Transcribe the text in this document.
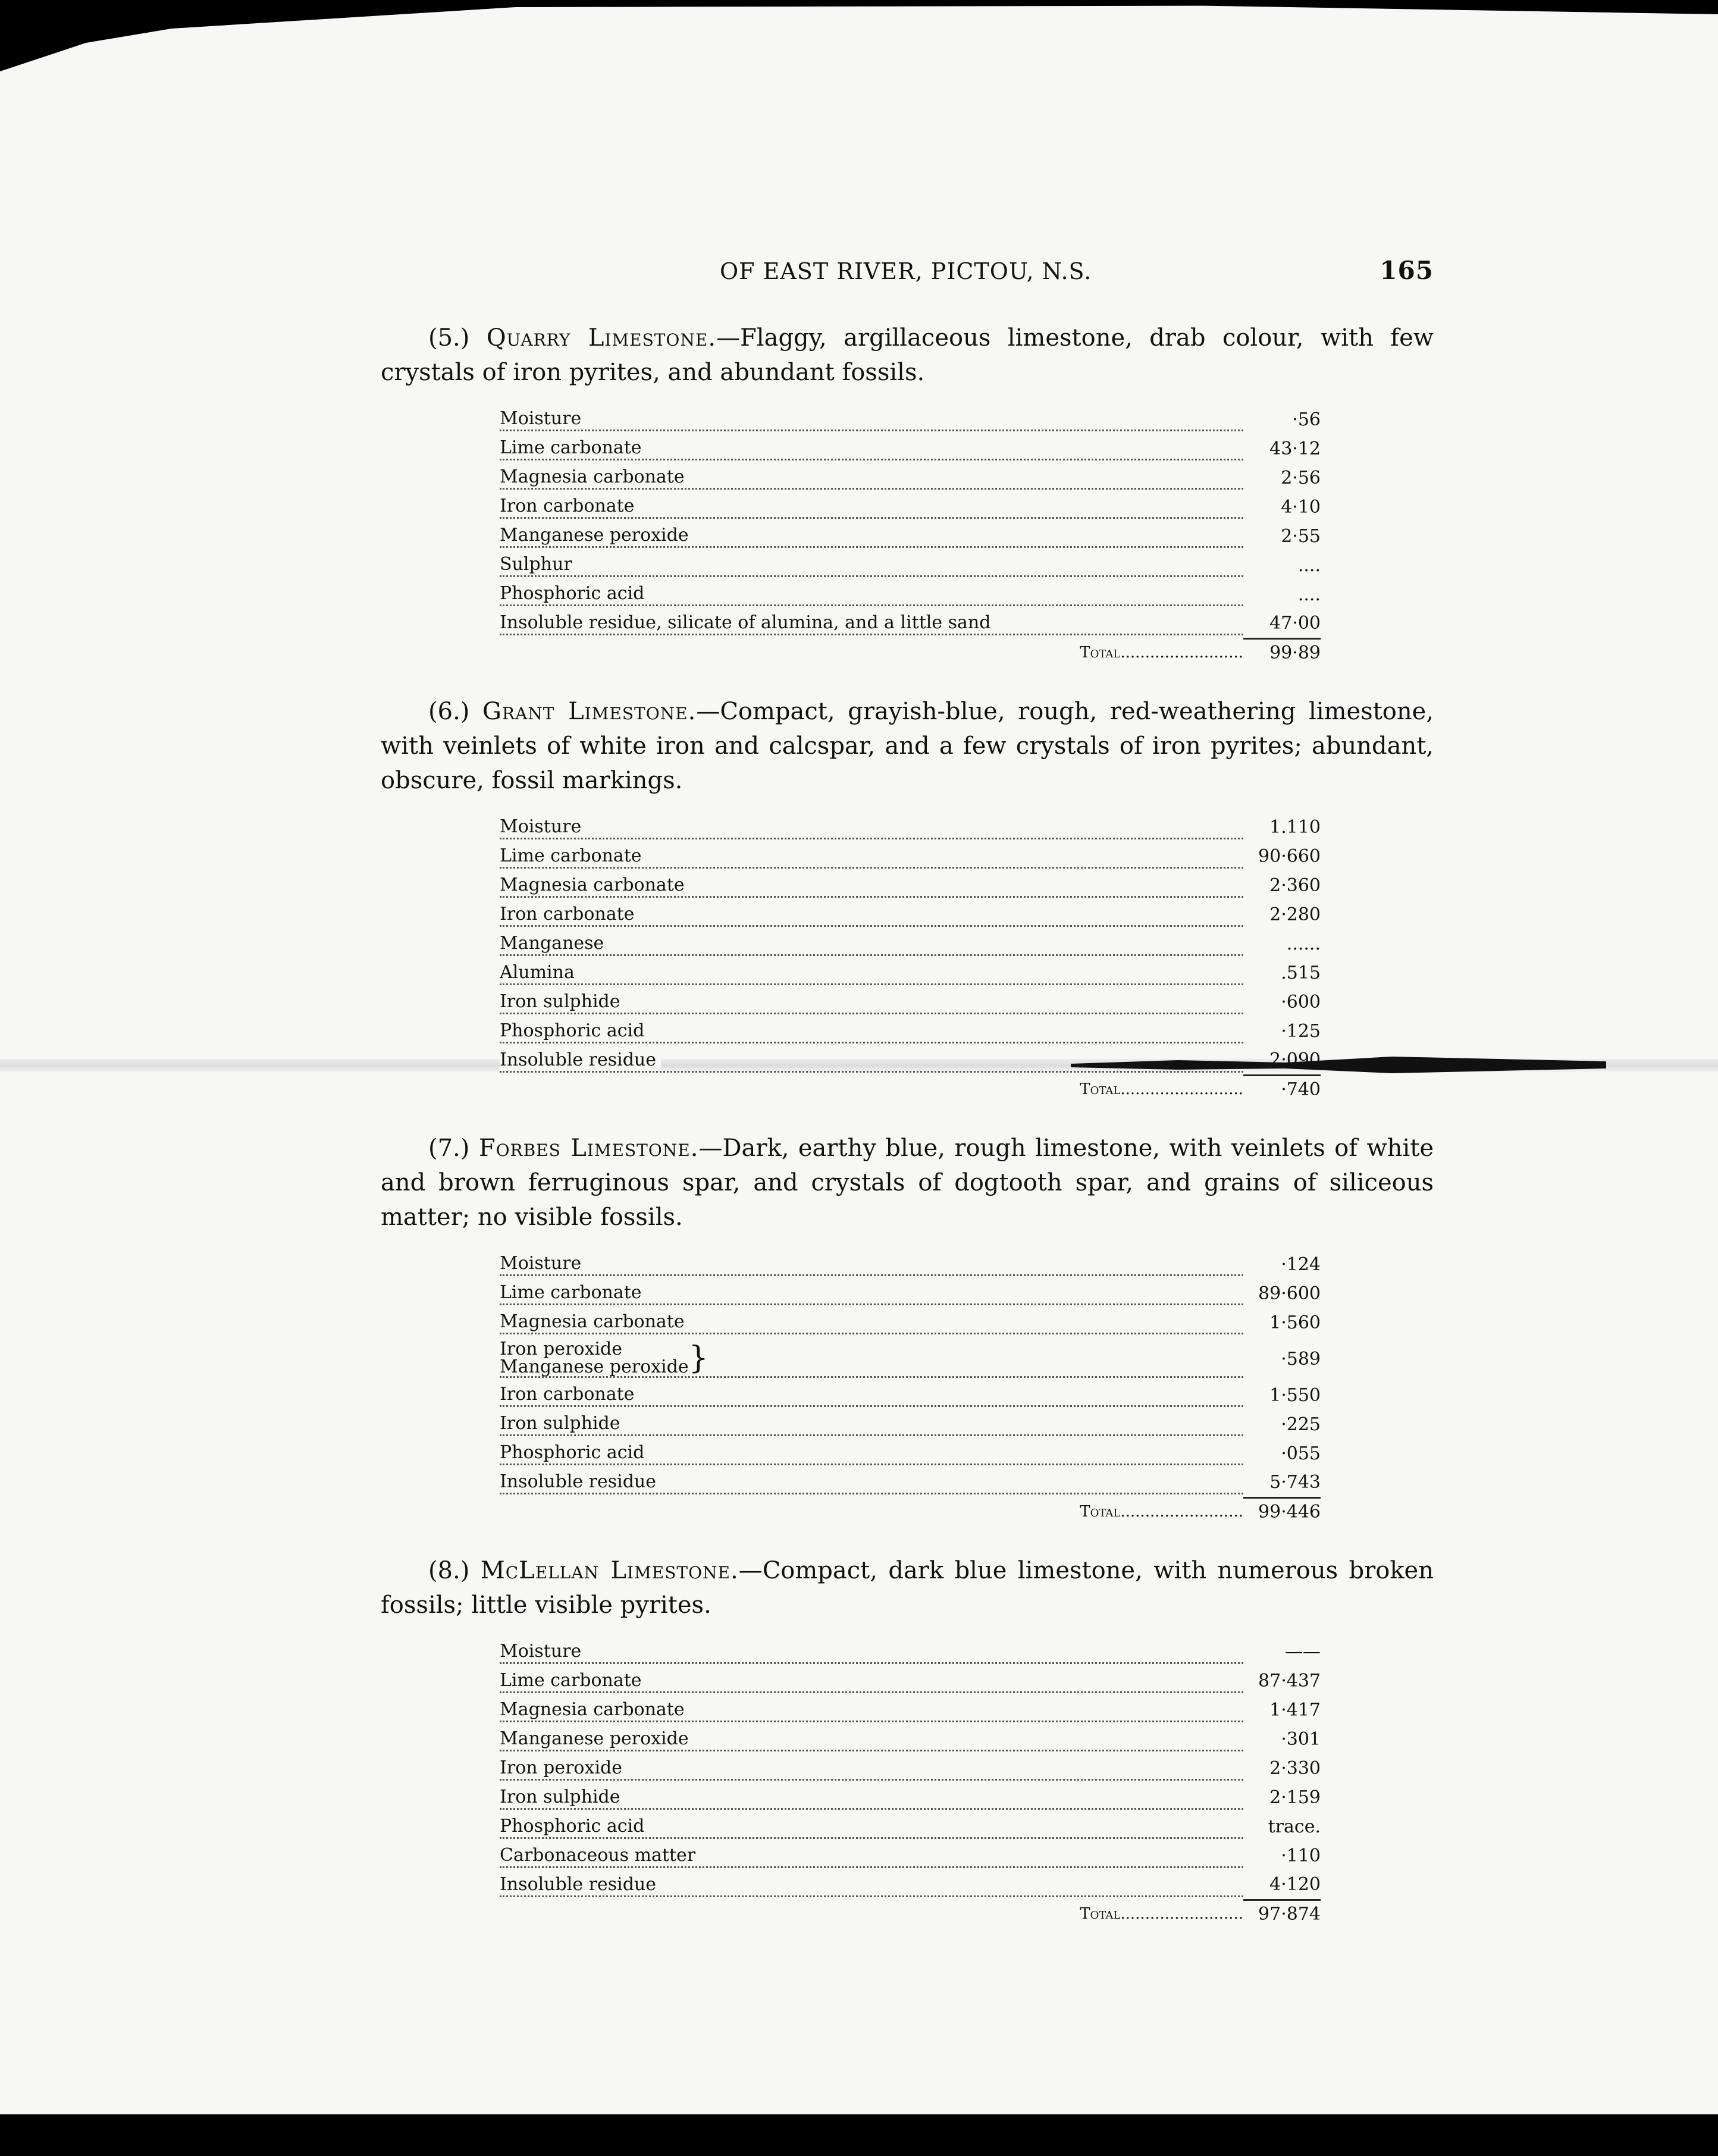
OF EAST RIVER, PICTOU, N.S.	165

(5.) Quarry Limestone.—Flaggy, argillaceous limestone, drab colour, with few crystals of iron pyrites, and abundant fossils.

Moisture	·56

Lime carbonate	43·12

Magnesia carbonate	2·56

Iron carbonate	4·10

Manganese peroxide	2·55

Sulphur	....

Phosphoric acid	....

Insoluble residue, silicate of alumina, and a little sand	47·00
Total.........................	99·89

(6.) Grant Limestone.—Compact, grayish-blue, rough, red-weathering limestone, with veinlets of white iron and calcspar, and a few crystals of iron pyrites; abundant, obscure, fossil markings.

Moisture	1.110

Lime carbonate	90·660

Magnesia carbonate	2·360

Iron carbonate	2·280

Manganese	......

Alumina	.515

Iron sulphide	·600

Phosphoric acid	·125

Insoluble residue	2·090
Total.........................	·740

(7.) Forbes Limestone.—Dark, earthy blue, rough limestone, with veinlets of white and brown ferruginous spar, and crystals of dogtooth spar, and grains of siliceous matter; no visible fossils.

Moisture	·124

Lime carbonate	89·600

Magnesia carbonate	1·560

Iron peroxide
Manganese peroxide }	·589

Iron carbonate	1·550

Iron sulphide	·225

Phosphoric acid	·055

Insoluble residue	5·743
Total.........................	99·446

(8.) McLellan Limestone.—Compact, dark blue limestone, with numerous broken fossils; little visible pyrites.

Moisture	——

Lime carbonate	87·437

Magnesia carbonate	1·417

Manganese peroxide	·301

Iron peroxide	2·330

Iron sulphide	2·159

Phosphoric acid	trace.

Carbonaceous matter	·110

Insoluble residue	4·120
Total.........................	97·874
